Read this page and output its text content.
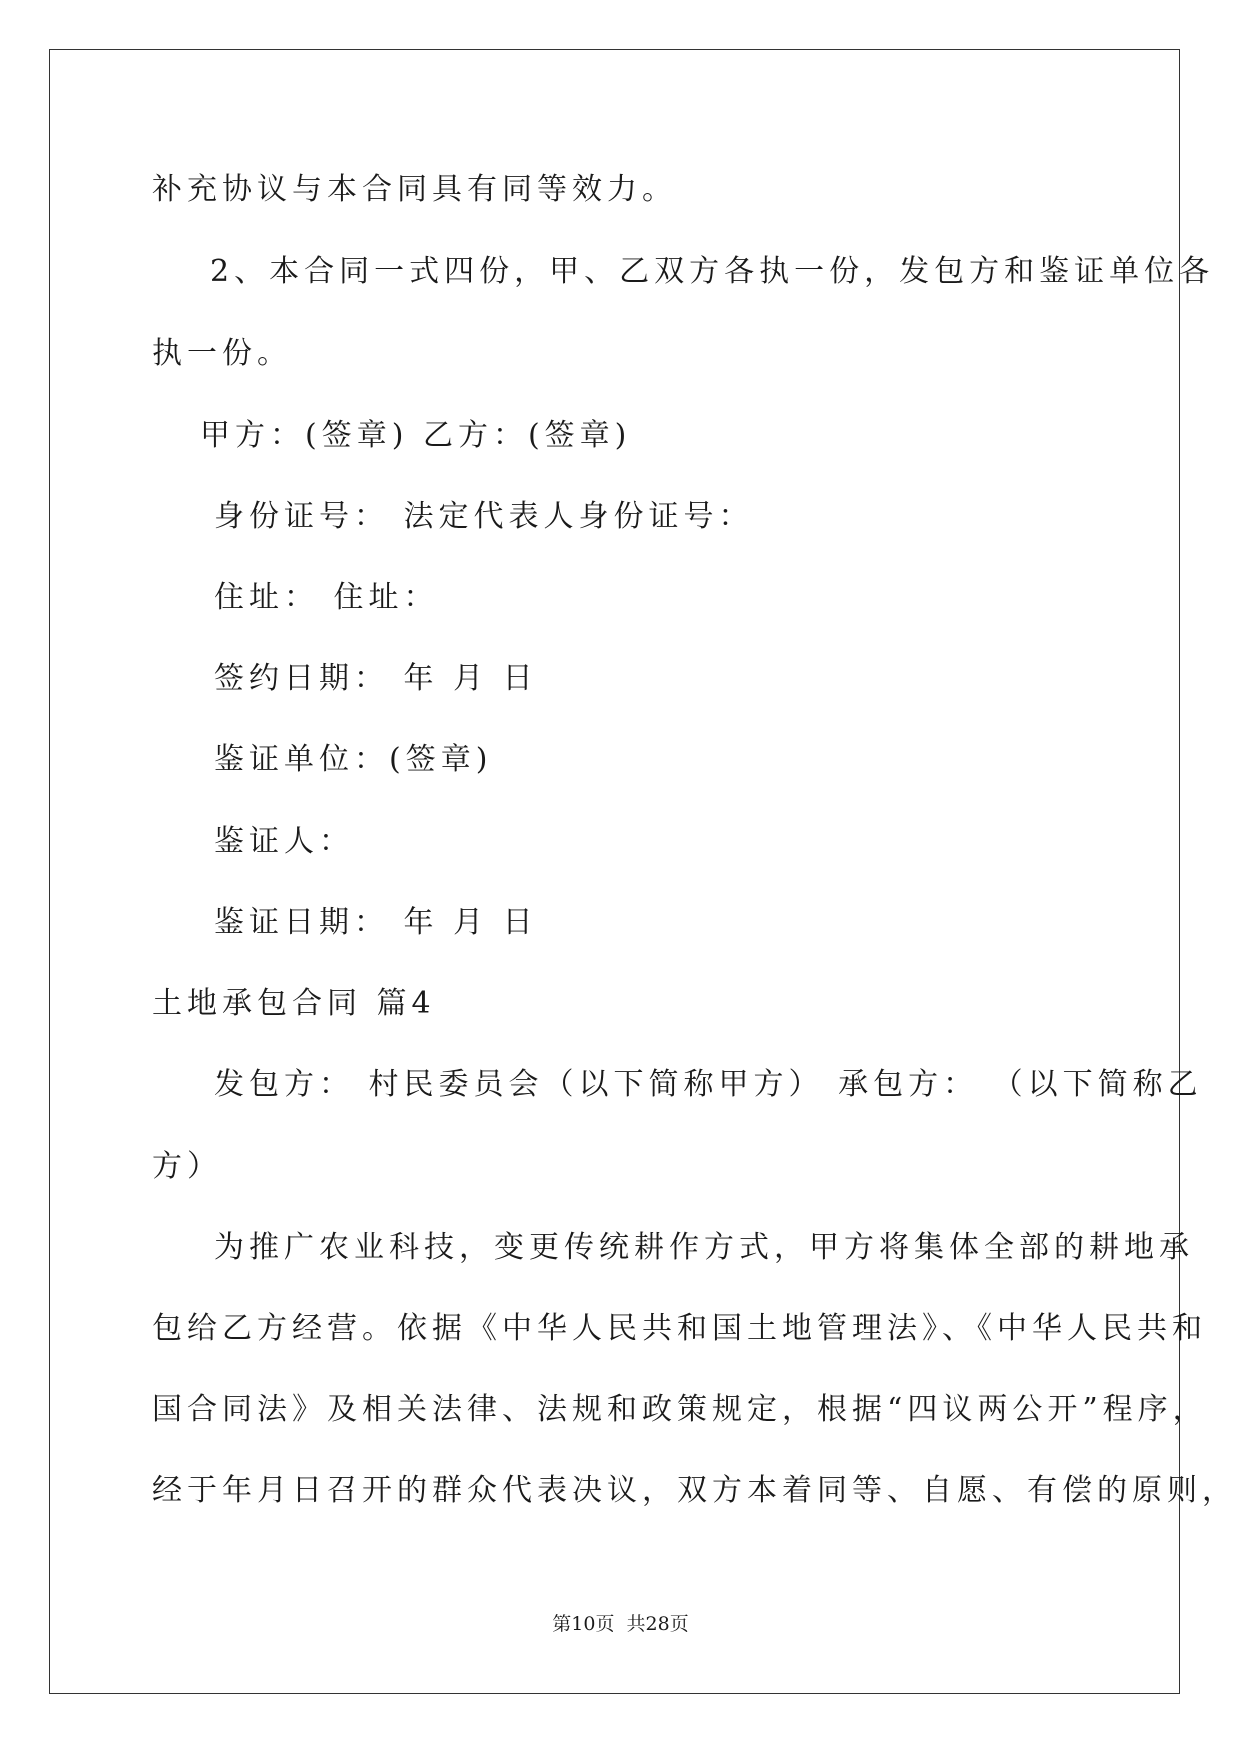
补充协议与本合同具有同等效力。
2、本合同一式四份，甲、乙双方各执一份，发包方和鉴证单位各
执一份。
甲方：(签章) 乙方：(签章)
身份证号： 法定代表人身份证号：
住址： 住址：
签约日期： 年 月 日
鉴证单位：(签章)
鉴证人：
鉴证日期： 年 月 日
土地承包合同 篇4
发包方： 村民委员会（以下简称甲方） 承包方： （以下简称乙
方）
为推广农业科技，变更传统耕作方式，甲方将集体全部的耕地承
包给乙方经营。依据《中华人民共和国土地管理法》、《中华人民共和
国合同法》及相关法律、法规和政策规定，根据“四议两公开”程序，
经于年月日召开的群众代表决议，双方本着同等、自愿、有偿的原则，
第10页  共28页
